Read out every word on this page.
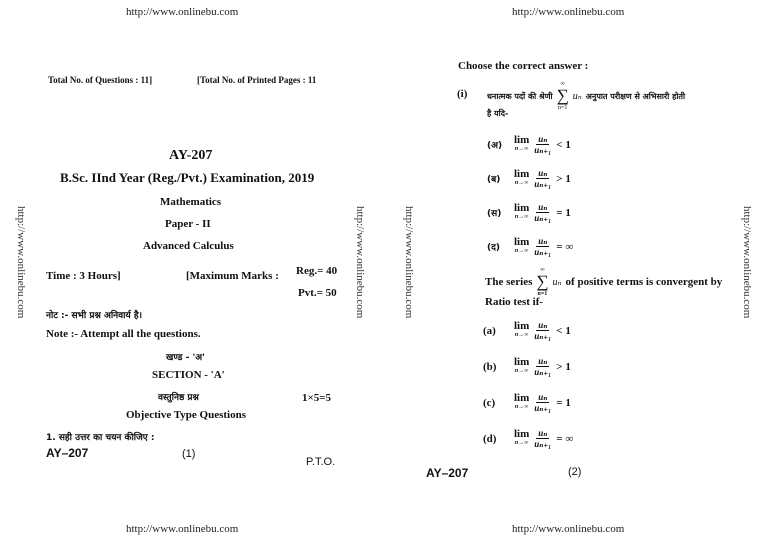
http://www.onlinebu.com	http://www.onlinebu.com
http://www.onlinebu.com	http://www.onlinebu.com
http://www.onlinebu.com	http://www.onlinebu.com	http://www.onlinebu.com	http://www.onlinebu.com
Total No. of Questions : 11]	[Total No. of Printed Pages : 11
AY-207
B.Sc. IInd Year (Reg./Pvt.) Examination, 2019
Mathematics
Paper - II
Advanced Calculus
Time : 3 Hours]	[Maximum Marks : Reg.= 40
Pvt.= 50
नोट :- सभी प्रश्न अनिवार्य है।
Note :- Attempt all the questions.
खण्ड - 'अ'
SECTION - 'A'
वस्तुनिष्ठ प्रश्न	1×5=5
Objective Type Questions
1. सही उत्तर का चयन कीजिए :
AY–207	(1)
P.T.O.
Choose the correct answer :
(i) धनात्मक पदों की श्रेणी
∞
∑
n=1
uₙ अनुपात परीक्षण से अभिसारी होती
है यदि-
(अ)
lim
$n\to\infty \frac{\text{uₙ}}{\text{uₙ₊₁}} < 1$
(ब)
lim
$n\to\infty \frac{\text{uₙ}}{\text{uₙ₊₁}} > 1$
(स)
lim
$n\to\infty \frac{\text{uₙ}}{\text{uₙ₊₁}} = 1$
(द)
lim
$n\to\infty \frac{\text{uₙ}}{\text{uₙ₊₁}}$ = ∞
The series
∞
∑
n=1
uₙ of positive terms is convergent by
Ratio test if-
(a)	lim
$n\to\infty \frac{\text{uₙ}}{\text{uₙ₊₁}} < 1$
(b)	lim
$n\to\infty \frac{\text{uₙ}}{\text{uₙ₊₁}} > 1$
(c)	lim
$n\to\infty \frac{\text{uₙ}}{\text{uₙ₊₁}} = 1$
(d)	lim
$n\to\infty \frac{\text{uₙ}}{\text{uₙ₊₁}}$ = ∞
AY–207	(2)
